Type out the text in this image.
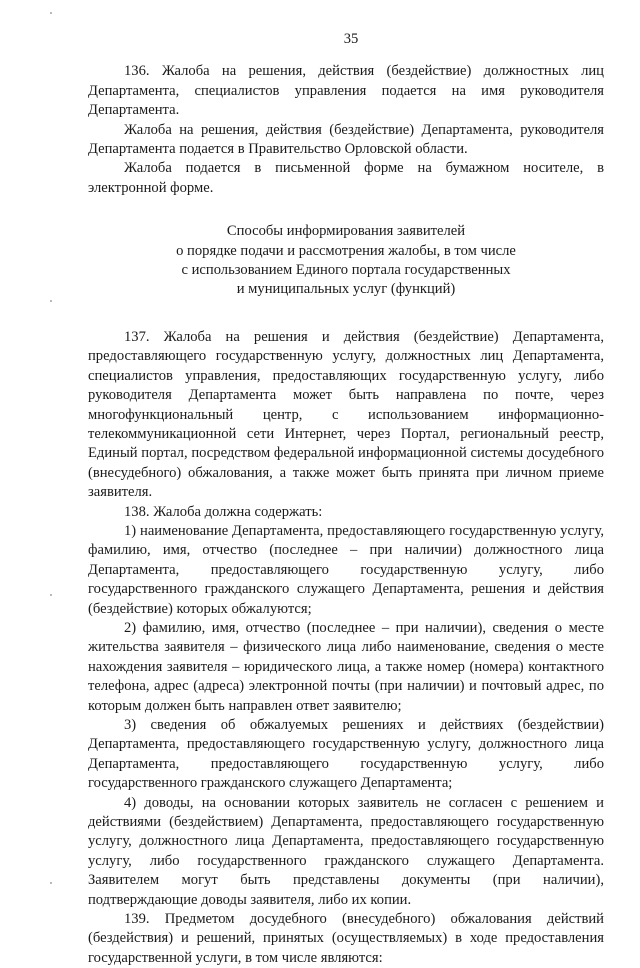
35

136. Жалоба на решения, действия (бездействие) должностных лиц Департамента, специалистов управления подается на имя руководителя Департамента.

Жалоба на решения, действия (бездействие) Департамента, руководителя Департамента подается в Правительство Орловской области.

Жалоба подается в письменной форме на бумажном носителе, в электронной форме.

Способы информирования заявителей
о порядке подачи и рассмотрения жалобы, в том числе
с использованием Единого портала государственных
и муниципальных услуг (функций)

137. Жалоба на решения и действия (бездействие) Департамента, предоставляющего государственную услугу, должностных лиц Департамента, специалистов управления, предоставляющих государственную услугу, либо руководителя Департамента может быть направлена по почте, через многофункциональный центр, с использованием информационно-телекоммуникационной сети Интернет, через Портал, региональный реестр, Единый портал, посредством федеральной информационной системы досудебного (внесудебного) обжалования, а также может быть принята при личном приеме заявителя.

138. Жалоба должна содержать:

1) наименование Департамента, предоставляющего государственную услугу, фамилию, имя, отчество (последнее – при наличии) должностного лица Департамента, предоставляющего государственную услугу, либо государственного гражданского служащего Департамента, решения и действия (бездействие) которых обжалуются;

2) фамилию, имя, отчество (последнее – при наличии), сведения о месте жительства заявителя – физического лица либо наименование, сведения о месте нахождения заявителя – юридического лица, а также номер (номера) контактного телефона, адрес (адреса) электронной почты (при наличии) и почтовый адрес, по которым должен быть направлен ответ заявителю;

3) сведения об обжалуемых решениях и действиях (бездействии) Департамента, предоставляющего государственную услугу, должностного лица Департамента, предоставляющего государственную услугу, либо государственного гражданского служащего Департамента;

4) доводы, на основании которых заявитель не согласен с решением и действиями (бездействием) Департамента, предоставляющего государственную услугу, должностного лица Департамента, предоставляющего государственную услугу, либо государственного гражданского служащего Департамента. Заявителем могут быть представлены документы (при наличии), подтверждающие доводы заявителя, либо их копии.

139. Предметом досудебного (внесудебного) обжалования действий (бездействия) и решений, принятых (осуществляемых) в ходе предоставления государственной услуги, в том числе являются:
